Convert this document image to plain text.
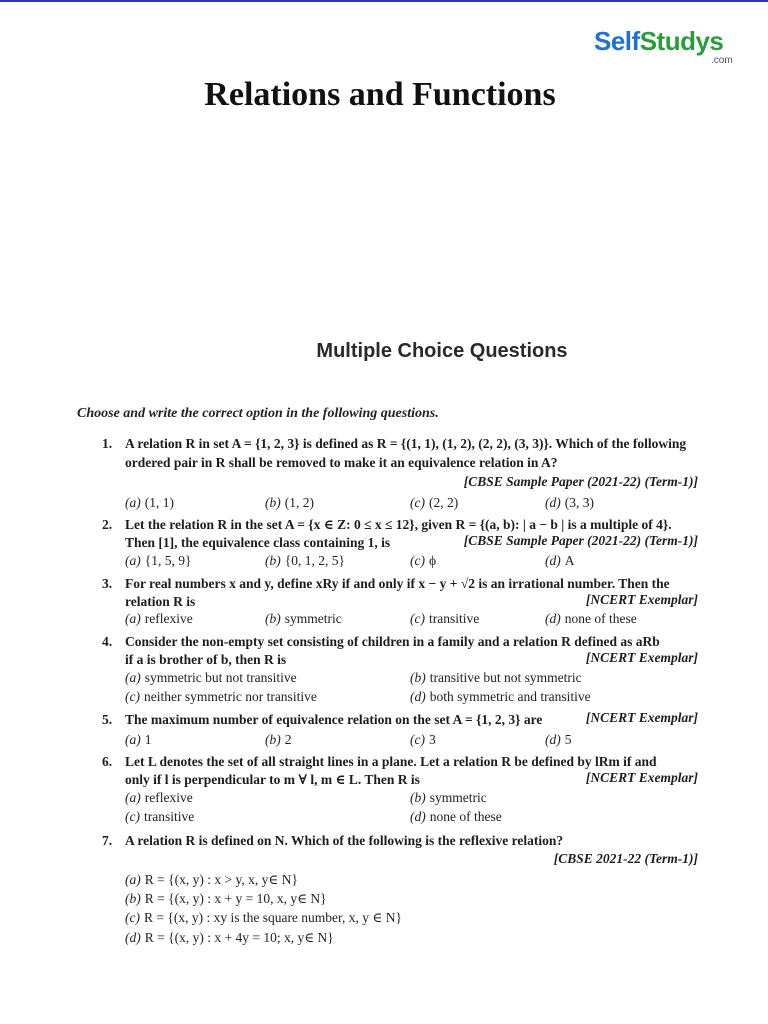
SelfStudys
.com
Relations and Functions
Multiple Choice Questions
Choose and write the correct option in the following questions.
1. A relation R in set A = {1, 2, 3} is defined as R = {(1, 1), (1, 2), (2, 2), (3, 3)}. Which of the following ordered pair in R shall be removed to make it an equivalence relation in A?
[CBSE Sample Paper (2021-22) (Term-1)]
(a) (1, 1)	(b) (1, 2)	(c) (2, 2)	(d) (3, 3)
2. Let the relation R in the set A = {x ∈ Z: 0 ≤ x ≤ 12}, given R = {(a, b): | a − b | is a multiple of 4}.
Then [1], the equivalence class containing 1, is	[CBSE Sample Paper (2021-22) (Term-1)]
(a) {1, 5, 9}	(b) {0, 1, 2, 5}	(c) ϕ	(d) A
3. For real numbers x and y, define xRy if and only if x − y + √2 is an irrational number. Then the
relation R is	[NCERT Exemplar]
(a) reflexive	(b) symmetric	(c) transitive	(d) none of these
4. Consider the non-empty set consisting of children in a family and a relation R defined as aRb
if a is brother of b, then R is	[NCERT Exemplar]
(a) symmetric but not transitive	(b) transitive but not symmetric
(c) neither symmetric nor transitive	(d) both symmetric and transitive
5. The maximum number of equivalence relation on the set A = {1, 2, 3} are	[NCERT Exemplar]
(a) 1	(b) 2	(c) 3	(d) 5
6. Let L denotes the set of all straight lines in a plane. Let a relation R be defined by lRm if and
only if l is perpendicular to m ∀ l, m ∈ L. Then R is	[NCERT Exemplar]
(a) reflexive	(b) symmetric
(c) transitive	(d) none of these
7. A relation R is defined on N. Which of the following is the reflexive relation?
[CBSE 2021-22 (Term-1)]
(a) R = {(x, y) : x > y, x, y∈ N}
(b) R = {(x, y) : x + y = 10, x, y∈ N}
(c) R = {(x, y) : xy is the square number, x, y ∈ N}
(d) R = {(x, y) : x + 4y = 10; x, y∈ N}
